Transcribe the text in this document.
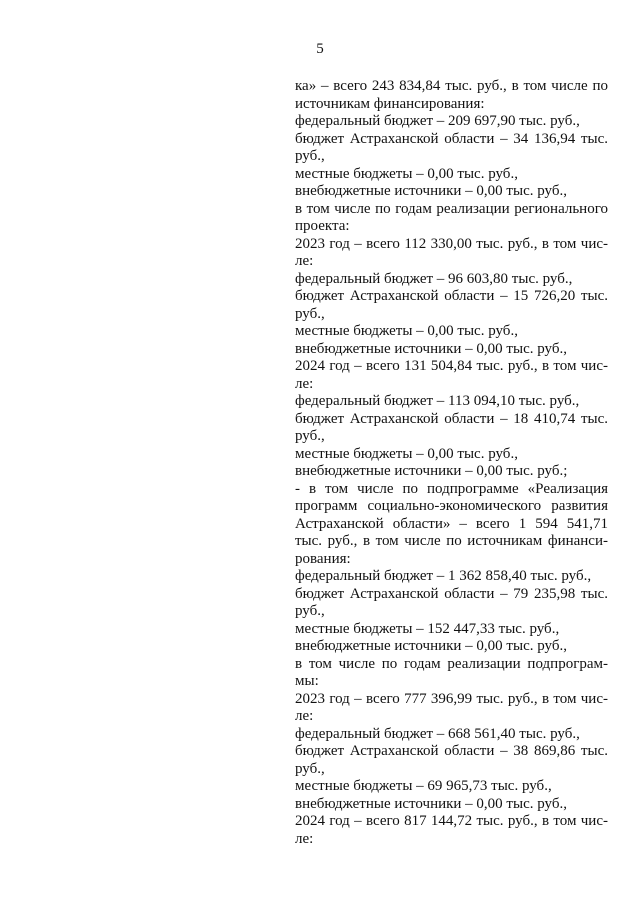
5
ка» – всего 243 834,84 тыс. руб., в том числе по
источникам финансирования:
федеральный бюджет – 209 697,90 тыс. руб.,
бюджет Астраханской области – 34 136,94 тыс.
руб.,
местные бюджеты – 0,00 тыс. руб.,
внебюджетные источники – 0,00 тыс. руб.,
в том числе по годам реализации регионального
проекта:
2023 год – всего 112 330,00 тыс. руб., в том чис-
ле:
федеральный бюджет – 96 603,80 тыс. руб.,
бюджет Астраханской области – 15 726,20 тыс.
руб.,
местные бюджеты – 0,00 тыс. руб.,
внебюджетные источники – 0,00 тыс. руб.,
2024 год – всего 131 504,84 тыс. руб., в том чис-
ле:
федеральный бюджет – 113 094,10 тыс. руб.,
бюджет Астраханской области – 18 410,74 тыс.
руб.,
местные бюджеты – 0,00 тыс. руб.,
внебюджетные источники – 0,00 тыс. руб.;
- в том числе по подпрограмме «Реализация
программ социально-экономического развития
Астраханской области» – всего 1 594 541,71
тыс. руб., в том числе по источникам финанси-
рования:
федеральный бюджет – 1 362 858,40 тыс. руб.,
бюджет Астраханской области – 79 235,98 тыс.
руб.,
местные бюджеты – 152 447,33 тыс. руб.,
внебюджетные источники – 0,00 тыс. руб.,
в том числе по годам реализации подпрограм-
мы:
2023 год – всего 777 396,99 тыс. руб., в том чис-
ле:
федеральный бюджет – 668 561,40 тыс. руб.,
бюджет Астраханской области – 38 869,86 тыс.
руб.,
местные бюджеты – 69 965,73 тыс. руб.,
внебюджетные источники – 0,00 тыс. руб.,
2024 год – всего 817 144,72 тыс. руб., в том чис-
ле:
